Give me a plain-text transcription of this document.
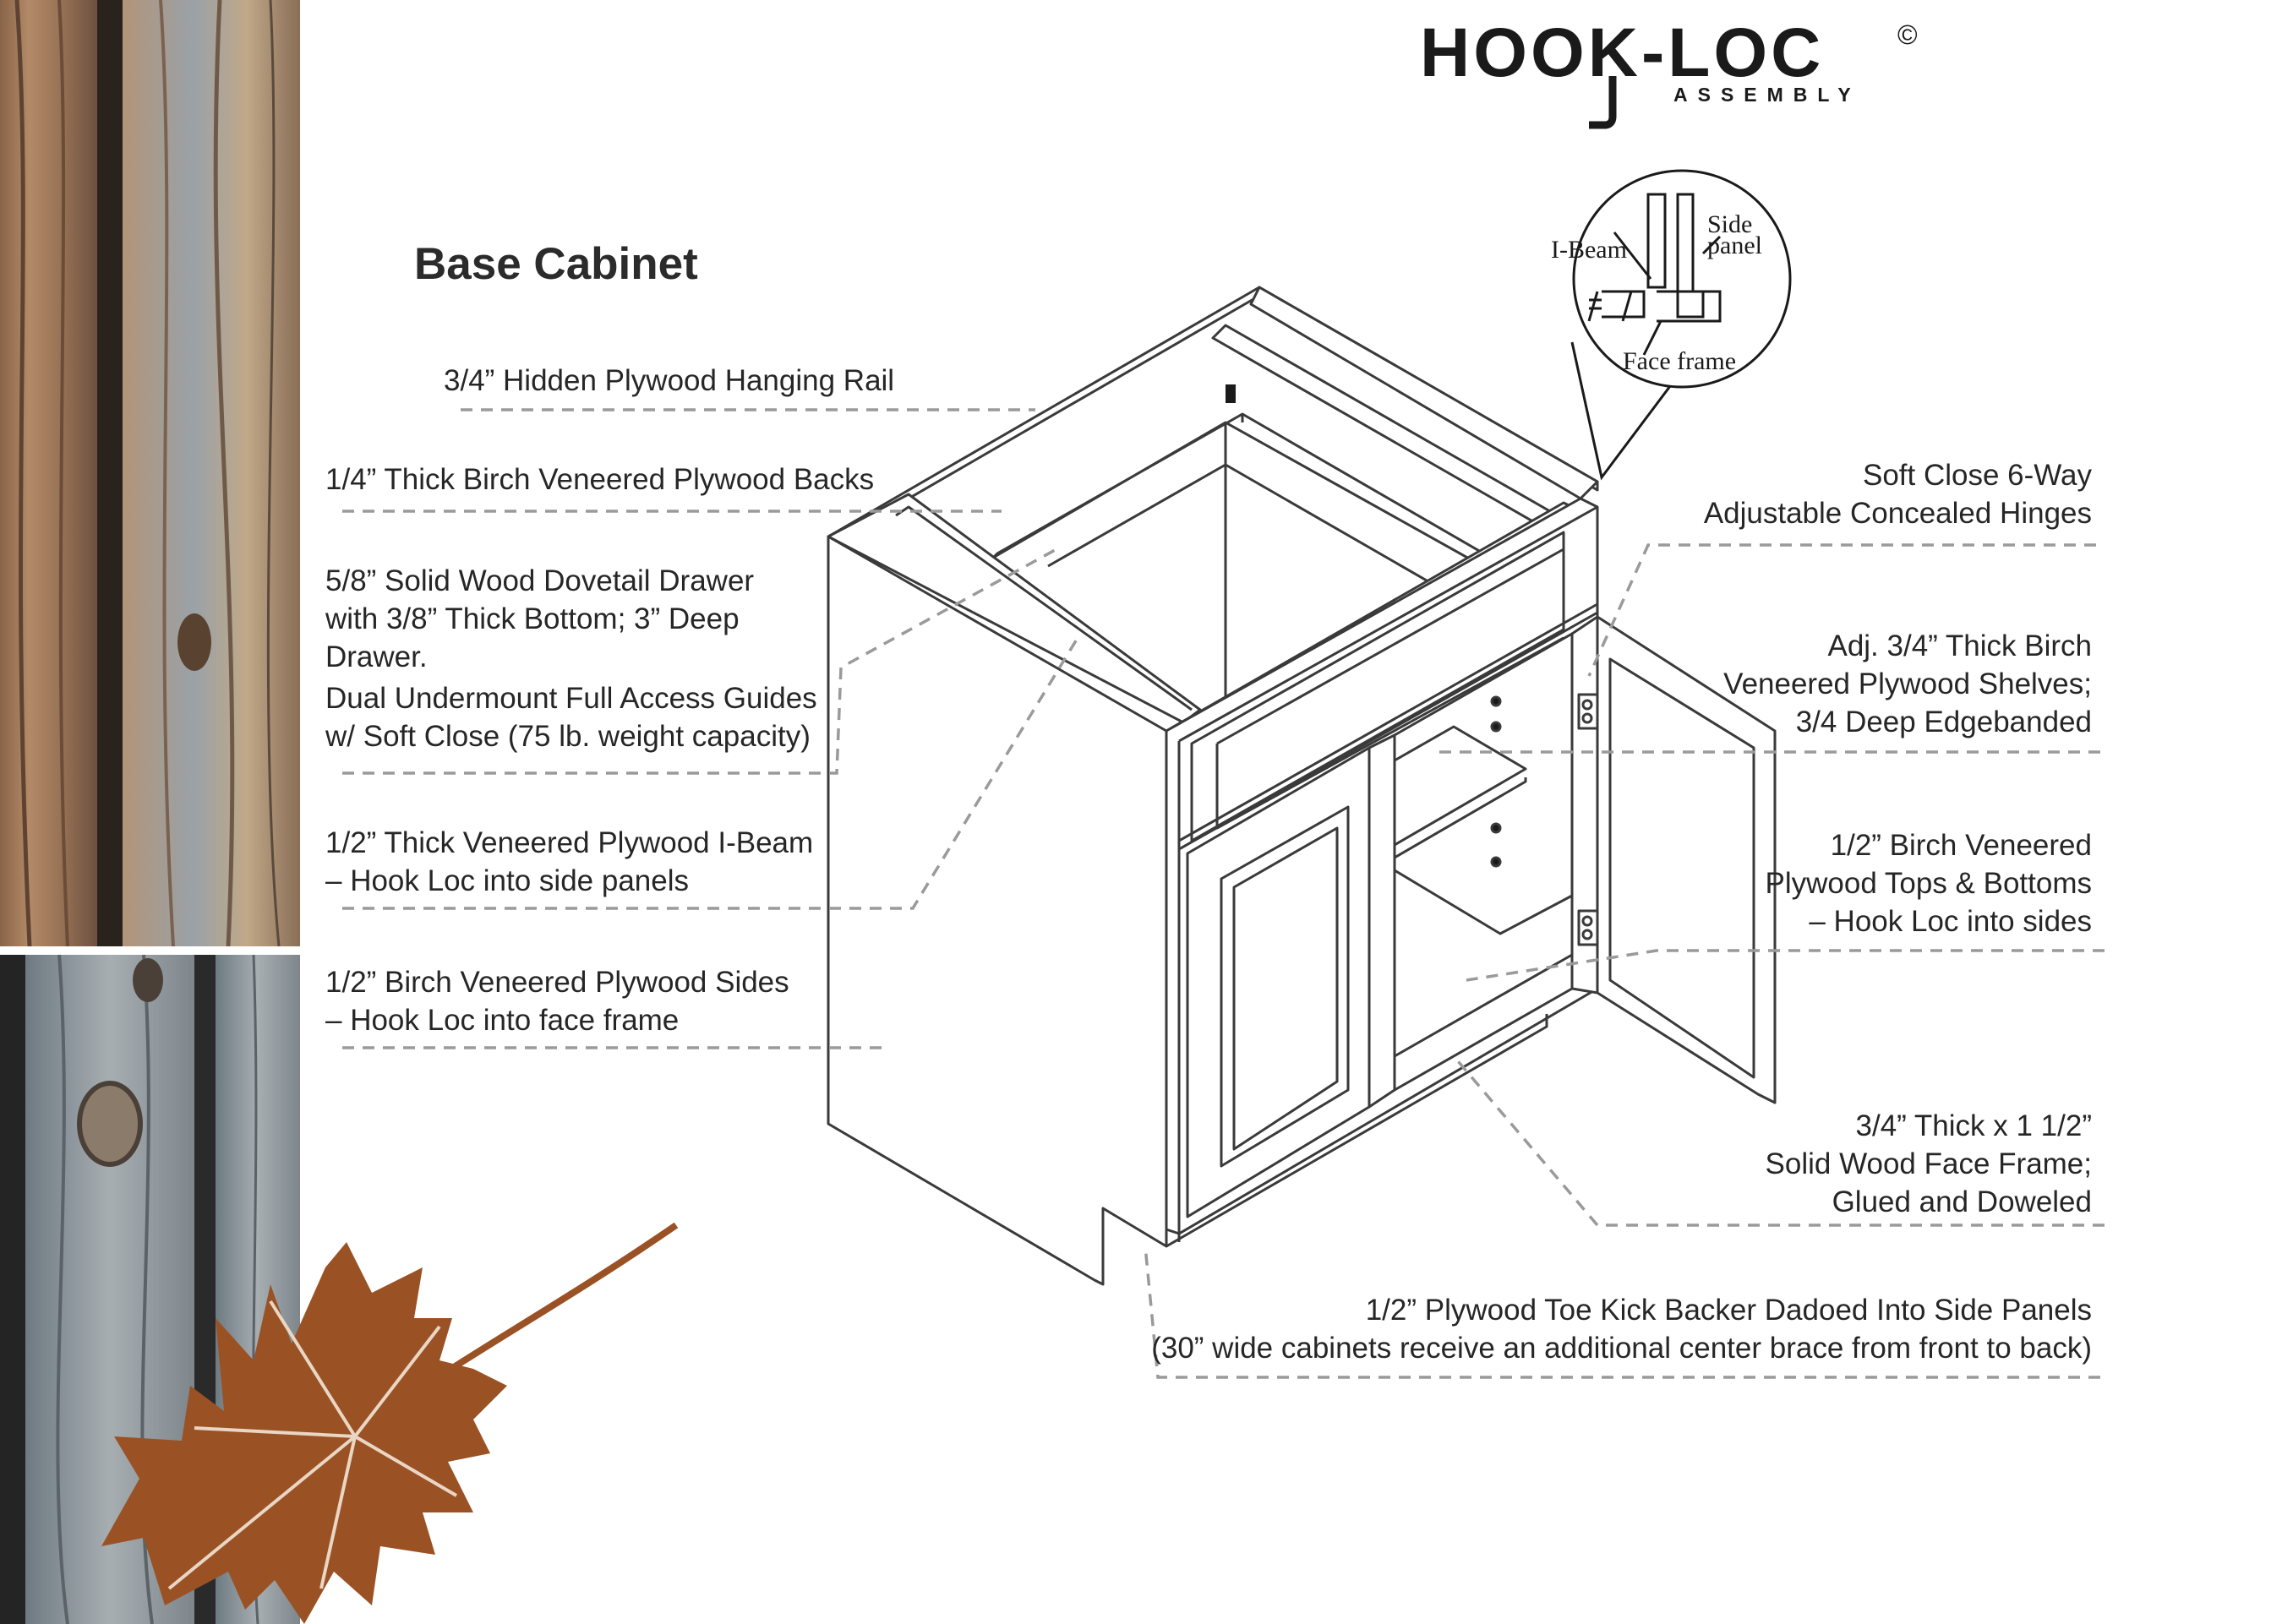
HOOK-LOC	©
ASSEMBLY
I-Beam
Side
panel
Face frame
Base Cabinet
3/4” Hidden Plywood Hanging Rail
1/4” Thick Birch Veneered Plywood Backs
5/8” Solid Wood Dovetail Drawer
with 3/8” Thick Bottom; 3” Deep
Drawer.
Dual Undermount Full Access Guides
w/ Soft Close (75 lb. weight capacity)
1/2” Thick Veneered Plywood I-Beam
– Hook Loc into side panels
1/2” Birch Veneered Plywood Sides
– Hook Loc into face frame
Soft Close 6-Way
Adjustable Concealed Hinges
Adj. 3/4” Thick Birch
Veneered Plywood Shelves;
3/4 Deep Edgebanded
1/2” Birch Veneered
Plywood Tops & Bottoms
– Hook Loc into sides
3/4” Thick x 1 1/2”
Solid Wood Face Frame;
Glued and Doweled
1/2” Plywood Toe Kick Backer Dadoed Into Side Panels
(30” wide cabinets receive an additional center brace from front to back)
